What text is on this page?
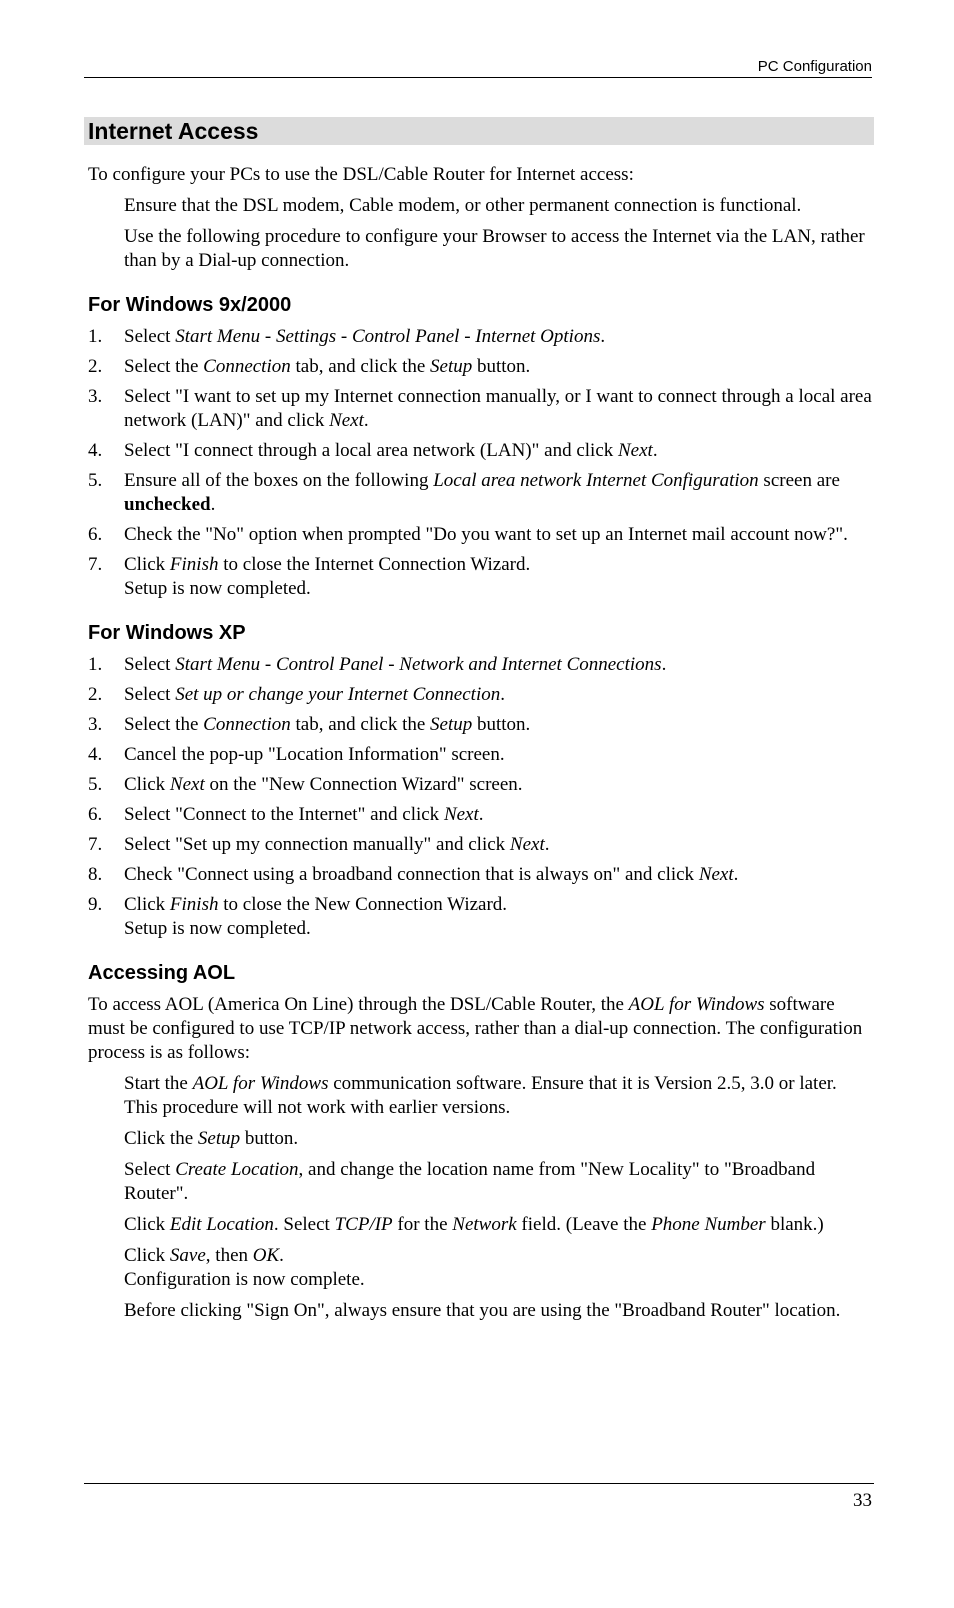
PC Configuration
Internet Access

To configure your PCs to use the DSL/Cable Router for Internet access:

Ensure that the DSL modem, Cable modem, or other permanent connection is functional.

Use the following procedure to configure your Browser to access the Internet via the LAN, rather than by a Dial-up connection.

For Windows 9x/2000
1. Select Start Menu - Settings - Control Panel - Internet Options.
2. Select the Connection tab, and click the Setup button.
3. Select "I want to set up my Internet connection manually, or I want to connect through a local area network (LAN)" and click Next.
4. Select "I connect through a local area network (LAN)" and click Next.
5. Ensure all of the boxes on the following Local area network Internet Configuration screen are unchecked.
6. Check the "No" option when prompted "Do you want to set up an Internet mail account now?".
7. Click Finish to close the Internet Connection Wizard.
Setup is now completed.
For Windows XP
1. Select Start Menu - Control Panel - Network and Internet Connections.
2. Select Set up or change your Internet Connection.
3. Select the Connection tab, and click the Setup button.
4. Cancel the pop-up "Location Information" screen.
5. Click Next on the "New Connection Wizard" screen.
6. Select "Connect to the Internet" and click Next.
7. Select "Set up my connection manually" and click Next.
8. Check "Connect using a broadband connection that is always on" and click Next.
9. Click Finish to close the New Connection Wizard.
Setup is now completed.
Accessing AOL

To access AOL (America On Line) through the DSL/Cable Router, the AOL for Windows software must be configured to use TCP/IP network access, rather than a dial-up connection. The configuration process is as follows:

Start the AOL for Windows communication software. Ensure that it is Version 2.5, 3.0 or later. This procedure will not work with earlier versions.

Click the Setup button.

Select Create Location, and change the location name from "New Locality" to "Broadband Router".

Click Edit Location. Select TCP/IP for the Network field. (Leave the Phone Number blank.)

Click Save, then OK.
Configuration is now complete.

Before clicking "Sign On", always ensure that you are using the "Broadband Router" location.

33
